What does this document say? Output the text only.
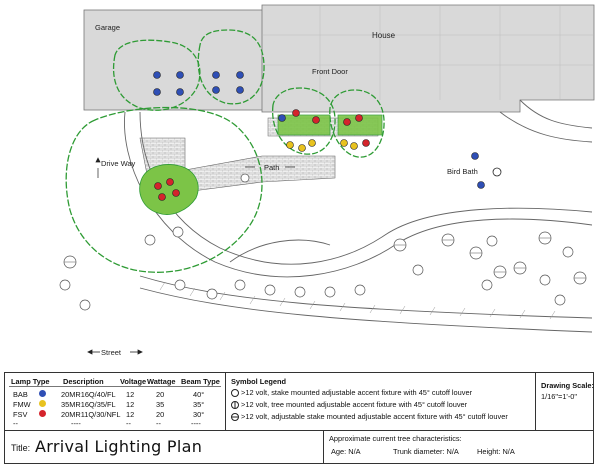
Garage
House
Front Door
Street
Drive Way	Path	Bird Bath
Lamp Type Description Voltage Wattage Beam Type
BAB	20MR16Q/40/FL 12	20	40°
FMW	35MR16Q/35/FL 12	35	35°
FSV	20MR11Q/30/NFL 12	20	30°
--	----	--	--	----
Symbol Legend
>12 volt, stake mounted adjustable accent fixture with 45° cutoff louver
>12 volt, tree mounted adjustable accent fixture with 45° cutoff louver
>12 volt, adjustable stake mounted adjustable accent fixture with 45° cutoff louver
Drawing Scale:
1/16"=1'-0"
Title: Arrival Lighting Plan	Approximate current tree characteristics:
Age: N/A	Trunk diameter: N/A Height: N/A
